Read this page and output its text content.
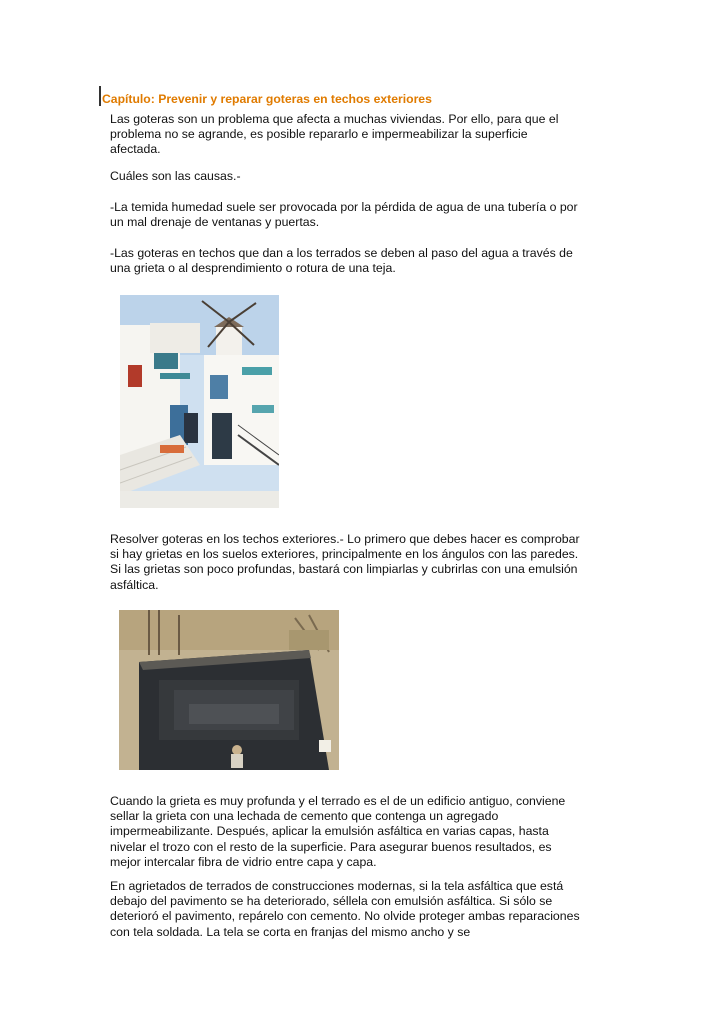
Capítulo: Prevenir y reparar goteras en techos exteriores
Las goteras son un problema que afecta a muchas viviendas. Por ello, para que el problema no se agrande, es posible repararlo e impermeabilizar la superficie afectada.
Cuáles son las causas.-
-La temida humedad suele ser provocada por la pérdida de agua de una tubería o por un mal drenaje de ventanas y puertas.
-Las goteras en techos que dan a los terrados se deben al paso del agua a través de una grieta o al desprendimiento o rotura de una teja.
Resolver goteras en los techos exteriores.- Lo primero que debes hacer es comprobar si hay grietas en los suelos exteriores, principalmente en los ángulos con las paredes. Si las grietas son poco profundas, bastará con limpiarlas y cubrirlas con una emulsión asfáltica.
Cuando la grieta es muy profunda y el terrado es el de un edificio antiguo, conviene sellar la grieta con una lechada de cemento que contenga un agregado impermeabilizante. Después, aplicar la emulsión asfáltica en varias capas, hasta nivelar el trozo con el resto de la superficie. Para asegurar buenos resultados, es mejor intercalar fibra de vidrio entre capa y capa.
En agrietados de terrados de construcciones modernas, si la tela asfáltica que está debajo del pavimento se ha deteriorado, séllela con emulsión asfáltica. Si sólo se deterioró el pavimento, repárelo con cemento. No olvide proteger ambas reparaciones con tela soldada. La tela se corta en franjas del mismo ancho y se
